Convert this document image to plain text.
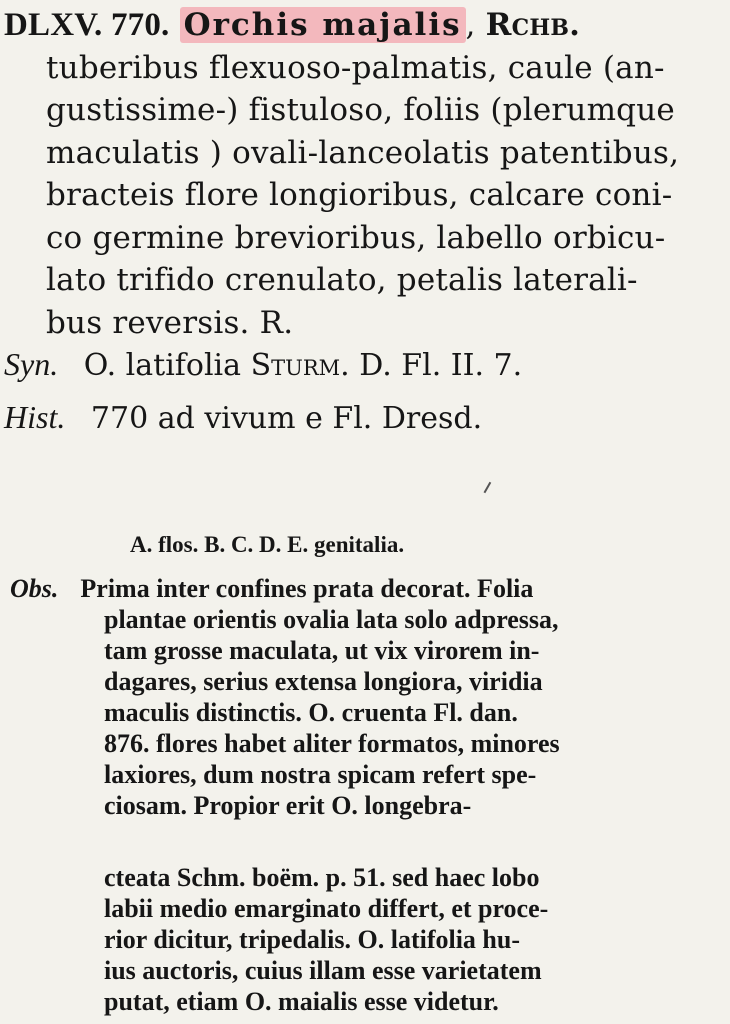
DLXV. 770. Orchis majalis , Rchb.
tuberibus flexuoso-palmatis, caule (an-
gustissime-) fistuloso, foliis (plerumque
maculatis ) ovali-lanceolatis patentibus,
bracteis flore longioribus, calcare coni-
co germine brevioribus, labello orbicu-
lato trifido crenulato, petalis laterali-
bus reversis. R.
Syn. O. latifolia Sturm. D. Fl. II. 7.
Hist. 770 ad vivum e Fl. Dresd.
A. flos. B. C. D. E. genitalia.
Obs. Prima inter confines prata decorat. Folia
plantae orientis ovalia lata solo adpressa,
tam grosse maculata, ut vix virorem in-
dagares, serius extensa longiora, viridia
maculis distinctis. O. cruenta Fl. dan.
876. flores habet aliter formatos, minores
laxiores, dum nostra spicam refert spe-
ciosam. Propior erit O. longebra-
cteata Schm. boëm. p. 51. sed haec lobo
labii medio emarginato differt, et proce-
rior dicitur, tripedalis. O. latifolia hu-
ius auctoris, cuius illam esse varietatem
putat, etiam O. maialis esse videtur.
